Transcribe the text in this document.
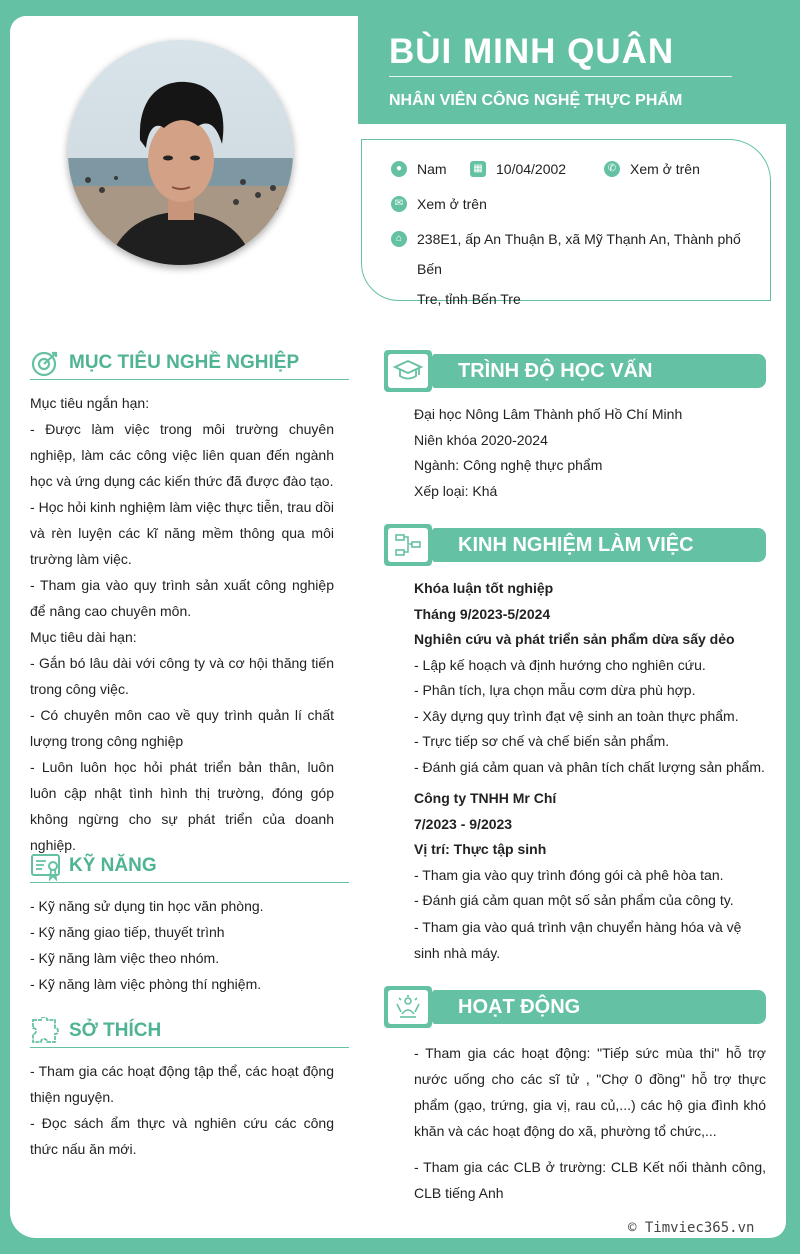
BÙI MINH QUÂN
NHÂN VIÊN CÔNG NGHỆ THỰC PHẨM
●	Nam	▦ 10/04/2002	✆ Xem ở trên
✉ Xem ở trên
⌂	238E1, ấp An Thuận B, xã Mỹ Thạnh An, Thành phố Bến
Tre, tỉnh Bến Tre
MỤC TIÊU NGHỀ NGHIỆP

Mục tiêu ngắn hạn:

- Được làm việc trong môi trường chuyên nghiệp, làm các công việc liên quan đến ngành học và ứng dụng các kiến thức đã được đào tạo.

- Học hỏi kinh nghiệm làm việc thực tiễn, trau dồi và rèn luyện các kĩ năng mềm thông qua môi trường làm việc.

- Tham gia vào quy trình sản xuất công nghiệp để nâng cao chuyên môn.

Mục tiêu dài hạn:

- Gắn bó lâu dài với công ty và cơ hội thăng tiến trong công việc.

- Có chuyên môn cao về quy trình quản lí chất lượng trong công nghiệp

- Luôn luôn học hỏi phát triển bản thân, luôn luôn cập nhật tình hình thị trường, đóng góp không ngừng cho sự phát triển của doanh nghiệp.

KỸ NĂNG

- Kỹ năng sử dụng tin học văn phòng.

- Kỹ năng giao tiếp, thuyết trình

- Kỹ năng làm việc theo nhóm.

- Kỹ năng làm việc phòng thí nghiệm.

SỞ THÍCH

- Tham gia các hoạt động tập thể, các hoạt động thiện nguyện.

- Đọc sách ẩm thực và nghiên cứu các công thức nấu ăn mới.

TRÌNH ĐỘ HỌC VẤN

Đại học Nông Lâm Thành phố Hồ Chí Minh

Niên khóa 2020-2024

Ngành: Công nghệ thực phẩm

Xếp loại: Khá

KINH NGHIỆM LÀM VIỆC

Khóa luận tốt nghiệp

Tháng 9/2023-5/2024

Nghiên cứu và phát triển sản phẩm dừa sấy dẻo

- Lập kế hoạch và định hướng cho nghiên cứu.

- Phân tích, lựa chọn mẫu cơm dừa phù hợp.

- Xây dựng quy trình đạt vệ sinh an toàn thực phẩm.

- Trực tiếp sơ chế và chế biến sản phẩm.

- Đánh giá cảm quan và phân tích chất lượng sản phẩm.

Công ty TNHH Mr Chí

7/2023 - 9/2023

Vị trí: Thực tập sinh

- Tham gia vào quy trình đóng gói cà phê hòa tan.

- Đánh giá cảm quan một số sản phẩm của công ty.

- Tham gia vào quá trình vận chuyển hàng hóa và vệ sinh nhà máy.

HOẠT ĐỘNG

- Tham gia các hoạt động: "Tiếp sức mùa thi" hỗ trợ nước uống cho các sĩ tử , "Chợ 0 đồng" hỗ trợ thực phẩm (gạo, trứng, gia vị, rau củ,...) các hộ gia đình khó khăn và các hoạt động do xã, phường tổ chức,...

- Tham gia các CLB ở trường: CLB Kết nối thành công, CLB tiếng Anh

© Timviec365.vn
